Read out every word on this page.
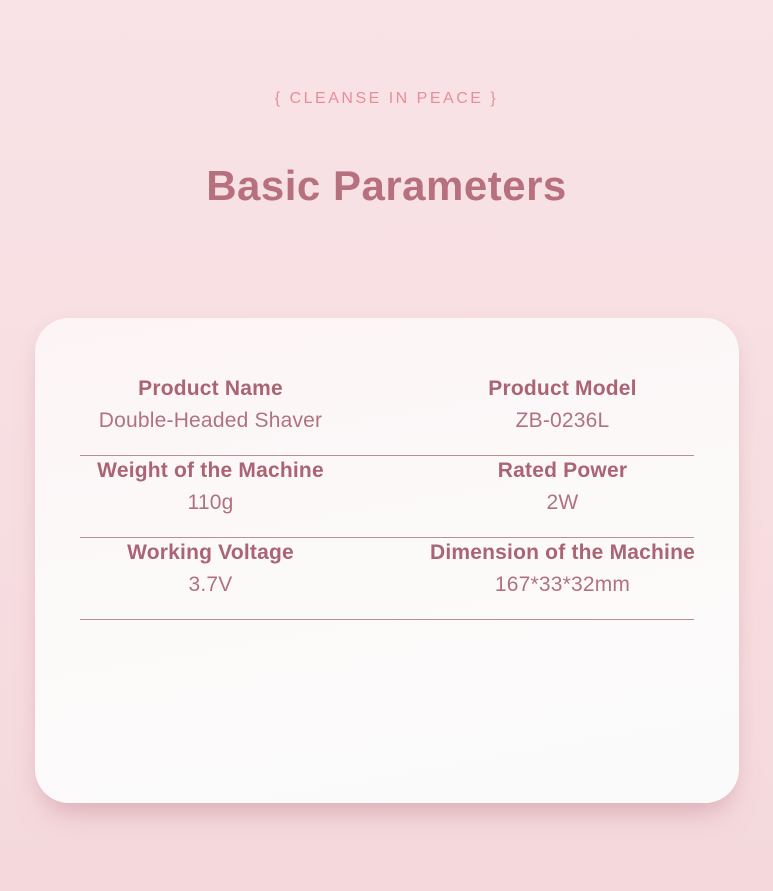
{ CLEANSE IN PEACE }
Basic Parameters
Product Name
Double-Headed Shaver
Product Model
ZB-0236L
Weight of the Machine
110g
Rated Power
2W
Working Voltage
3.7V
Dimension of the Machine
167*33*32mm
